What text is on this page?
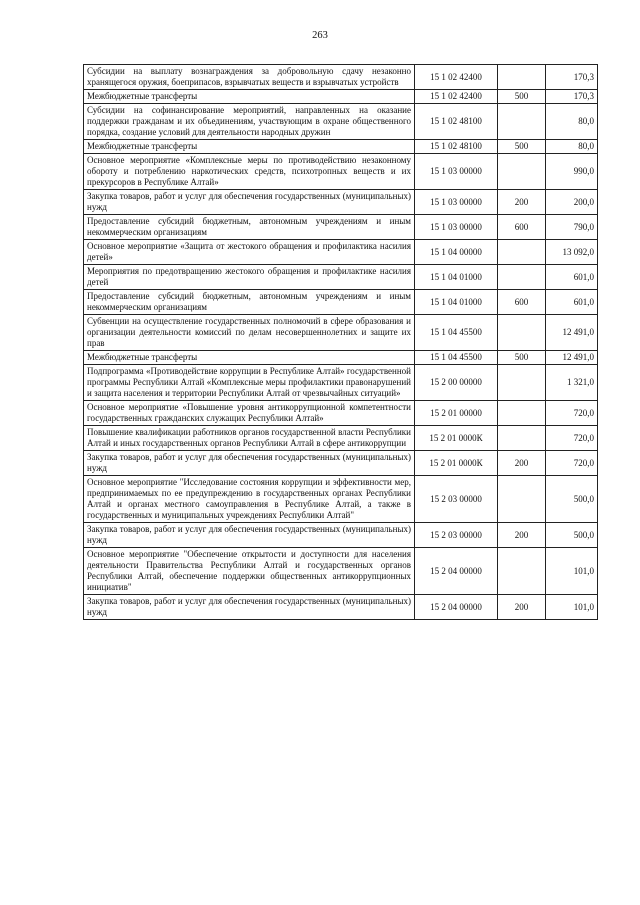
263
Субсидии на выплату вознаграждения за добровольную сдачу незаконно хранящегося оружия, боеприпасов, взрывчатых веществ и взрывчатых устройств	15 1 02 42400		170,3
Межбюджетные трансферты	15 1 02 42400	500	170,3
Субсидии на софинансирование мероприятий, направленных на оказание поддержки гражданам и их объединениям, участвующим в охране общественного порядка, создание условий для деятельности народных дружин	15 1 02 48100		80,0
Межбюджетные трансферты	15 1 02 48100	500	80,0
Основное мероприятие «Комплексные меры по противодействию незаконному обороту и потреблению наркотических средств, психотропных веществ и их прекурсоров в Республике Алтай»	15 1 03 00000		990,0
Закупка товаров, работ и услуг для обеспечения государственных (муниципальных) нужд	15 1 03 00000	200	200,0
Предоставление субсидий бюджетным, автономным учреждениям и иным некоммерческим организациям	15 1 03 00000	600	790,0
Основное мероприятие «Защита от жестокого обращения и профилактика насилия детей»	15 1 04 00000		13 092,0
Мероприятия по предотвращению жестокого обращения и профилактике насилия детей	15 1 04 01000		601,0
Предоставление субсидий бюджетным, автономным учреждениям и иным некоммерческим организациям	15 1 04 01000	600	601,0
Субвенции на осуществление государственных полномочий в сфере образования и организации деятельности комиссий по делам несовершеннолетних и защите их прав	15 1 04 45500		12 491,0
Межбюджетные трансферты	15 1 04 45500	500	12 491,0
Подпрограмма «Противодействие коррупции в Республике Алтай» государственной программы Республики Алтай «Комплексные меры профилактики правонарушений и защита населения и территории Республики Алтай от чрезвычайных ситуаций»	15 2 00 00000		1 321,0
Основное мероприятие «Повышение уровня антикоррупционной компетентности государственных гражданских служащих Республики Алтай»	15 2 01 00000		720,0
Повышение квалификации работников органов государственной власти Республики Алтай и иных государственных органов Республики Алтай в сфере антикоррупции	15 2 01 0000К		720,0
Закупка товаров, работ и услуг для обеспечения государственных (муниципальных) нужд	15 2 01 0000К	200	720,0
Основное мероприятие "Исследование состояния коррупции и эффективности мер, предпринимаемых по ее предупреждению в государственных органах Республики Алтай и органах местного самоуправления в Республике Алтай, а также в государственных и муниципальных учреждениях Республики Алтай"	15 2 03 00000		500,0
Закупка товаров, работ и услуг для обеспечения государственных (муниципальных) нужд	15 2 03 00000	200	500,0
Основное мероприятие "Обеспечение открытости и доступности для населения деятельности Правительства Республики Алтай и государственных органов Республики Алтай, обеспечение поддержки общественных антикоррупционных инициатив"	15 2 04 00000		101,0
Закупка товаров, работ и услуг для обеспечения государственных (муниципальных) нужд	15 2 04 00000	200	101,0
